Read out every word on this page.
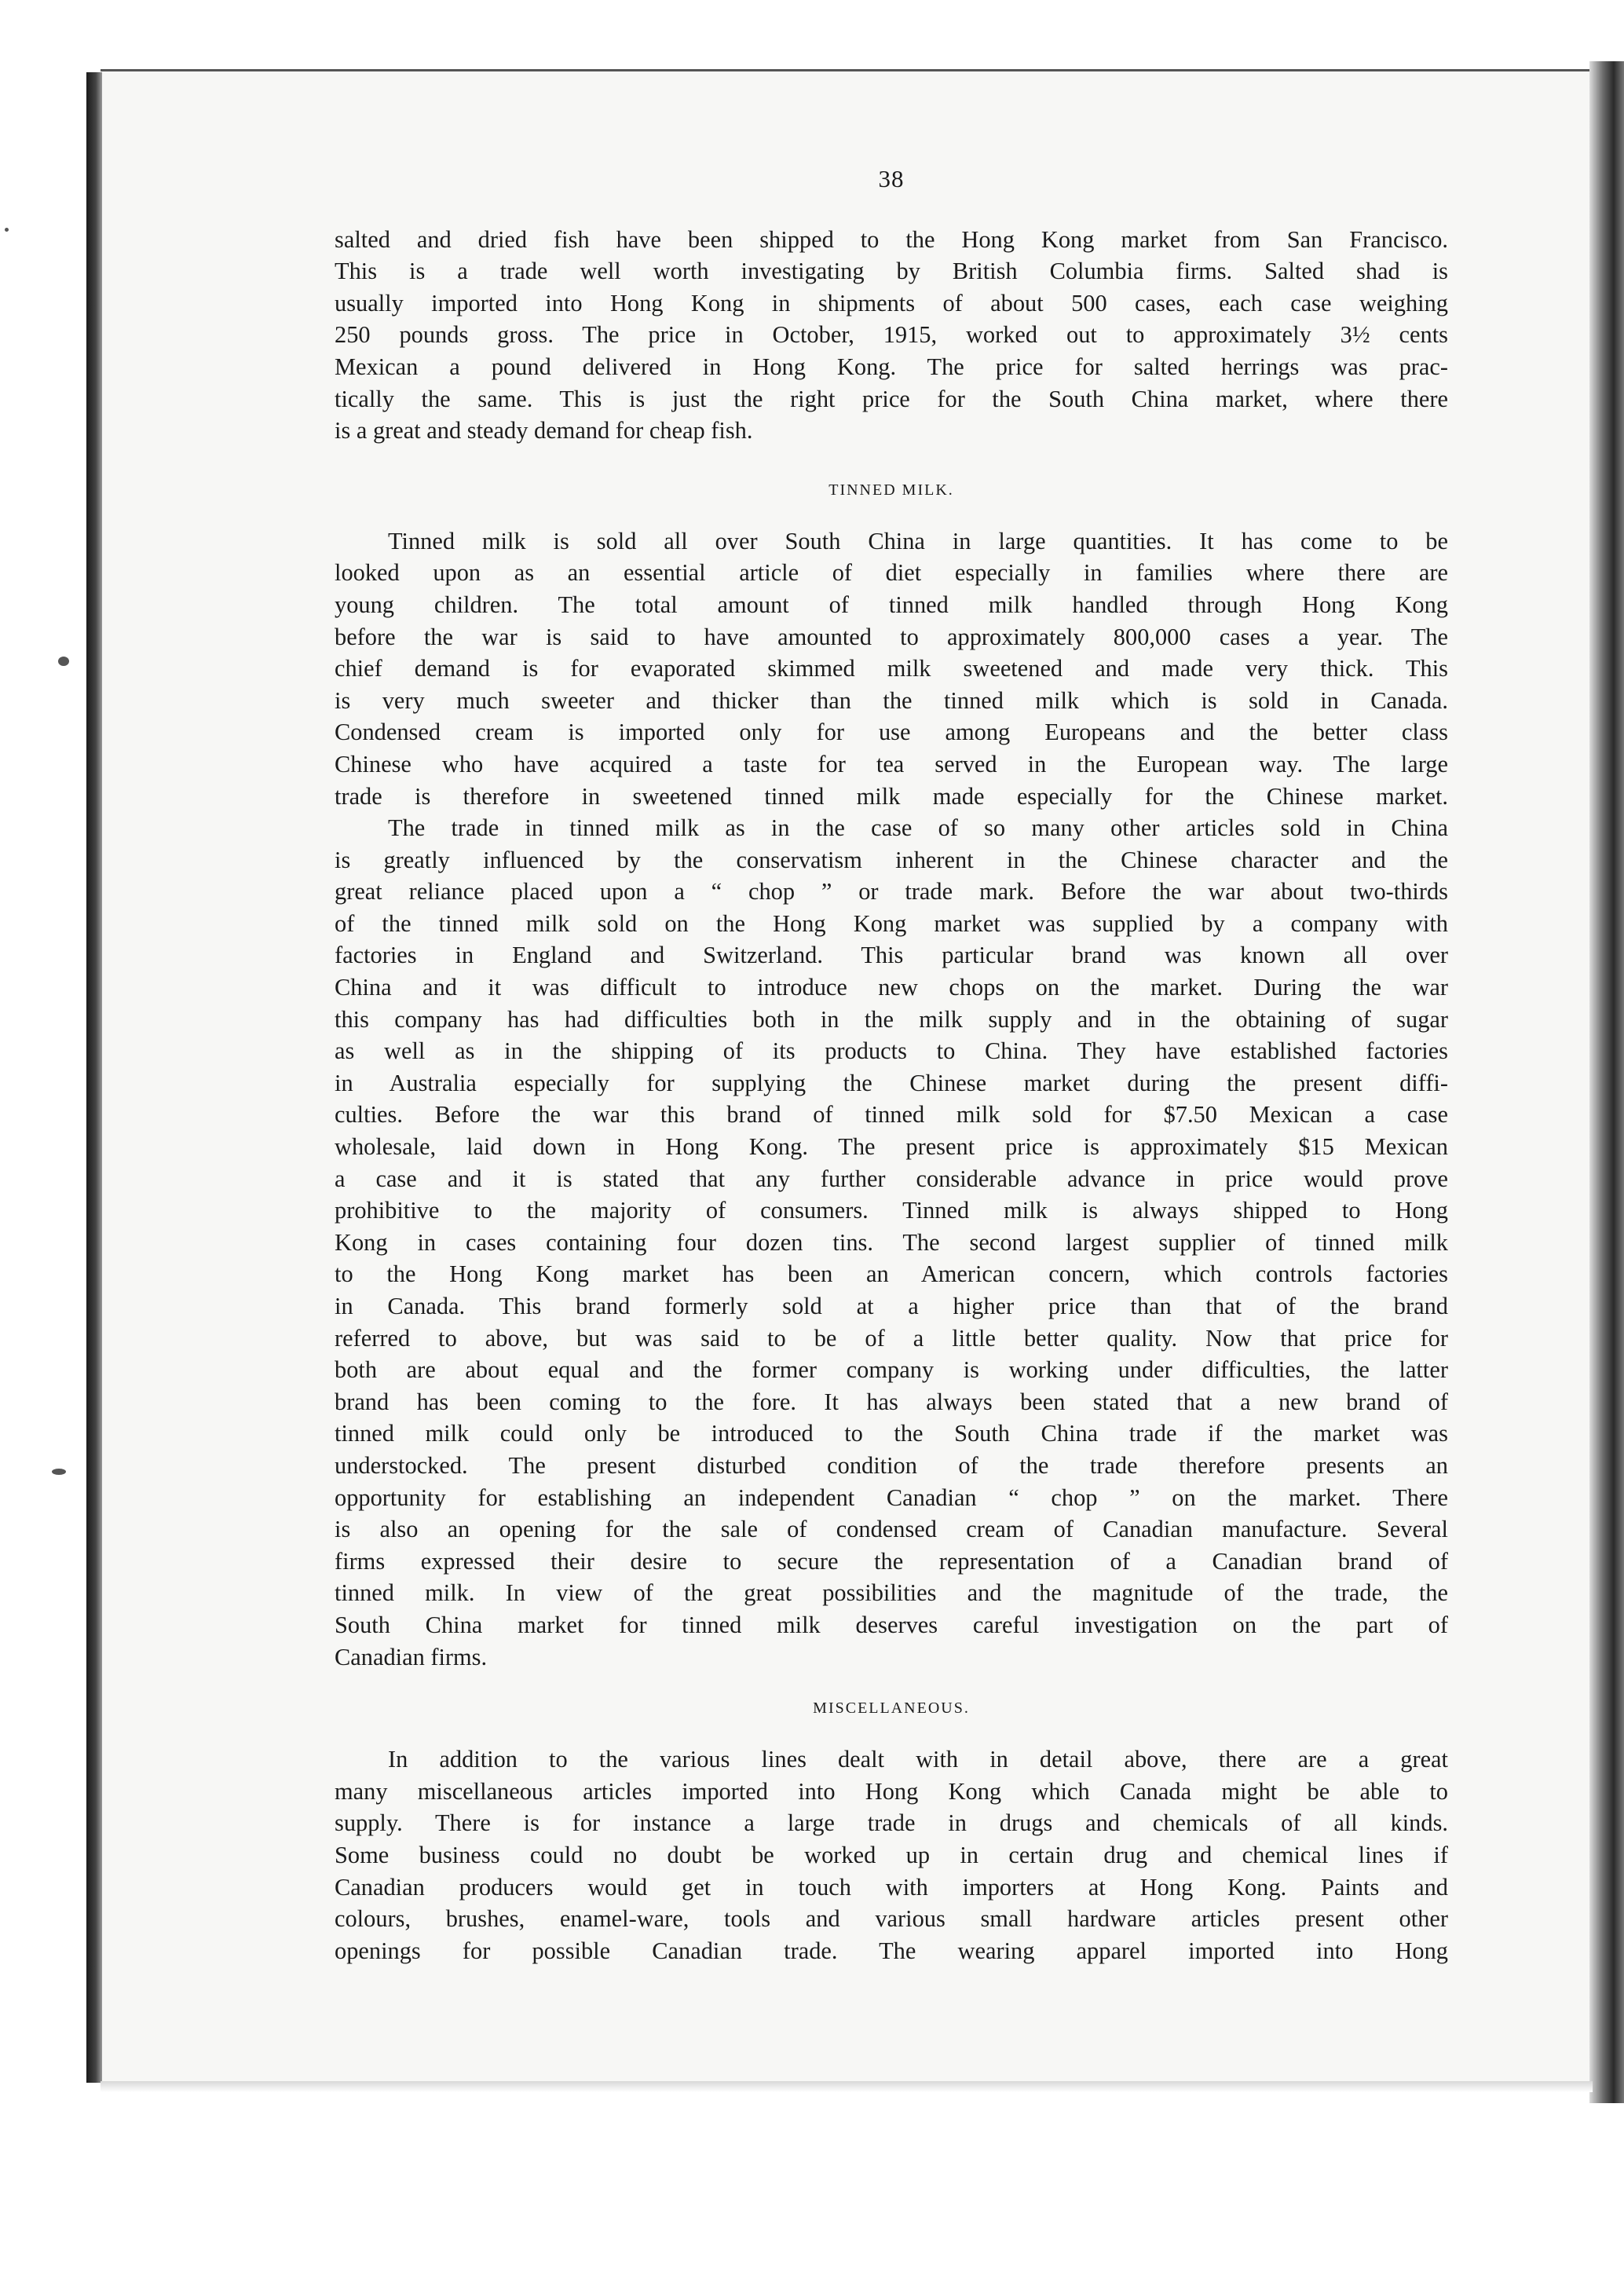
38
salted and dried fish have been shipped to the Hong Kong market from San Francisco.
This is a trade well worth investigating by British Columbia firms. Salted shad is
usually imported into Hong Kong in shipments of about 500 cases, each case weighing
250 pounds gross. The price in October, 1915, worked out to approximately 3½ cents
Mexican a pound delivered in Hong Kong. The price for salted herrings was prac-
tically the same. This is just the right price for the South China market, where there
is a great and steady demand for cheap fish.
TINNED MILK.
Tinned milk is sold all over South China in large quantities. It has come to be
looked upon as an essential article of diet especially in families where there are
young children. The total amount of tinned milk handled through Hong Kong
before the war is said to have amounted to approximately 800,000 cases a year. The
chief demand is for evaporated skimmed milk sweetened and made very thick. This
is very much sweeter and thicker than the tinned milk which is sold in Canada.
Condensed cream is imported only for use among Europeans and the better class
Chinese who have acquired a taste for tea served in the European way. The large
trade is therefore in sweetened tinned milk made especially for the Chinese market.
The trade in tinned milk as in the case of so many other articles sold in China
is greatly influenced by the conservatism inherent in the Chinese character and the
great reliance placed upon a “ chop ” or trade mark. Before the war about two-thirds
of the tinned milk sold on the Hong Kong market was supplied by a company with
factories in England and Switzerland. This particular brand was known all over
China and it was difficult to introduce new chops on the market. During the war
this company has had difficulties both in the milk supply and in the obtaining of sugar
as well as in the shipping of its products to China. They have established factories
in Australia especially for supplying the Chinese market during the present diffi-
culties. Before the war this brand of tinned milk sold for $7.50 Mexican a case
wholesale, laid down in Hong Kong. The present price is approximately $15 Mexican
a case and it is stated that any further considerable advance in price would prove
prohibitive to the majority of consumers. Tinned milk is always shipped to Hong
Kong in cases containing four dozen tins. The second largest supplier of tinned milk
to the Hong Kong market has been an American concern, which controls factories
in Canada. This brand formerly sold at a higher price than that of the brand
referred to above, but was said to be of a little better quality. Now that price for
both are about equal and the former company is working under difficulties, the latter
brand has been coming to the fore. It has always been stated that a new brand of
tinned milk could only be introduced to the South China trade if the market was
understocked. The present disturbed condition of the trade therefore presents an
opportunity for establishing an independent Canadian “ chop ” on the market. There
is also an opening for the sale of condensed cream of Canadian manufacture. Several
firms expressed their desire to secure the representation of a Canadian brand of
tinned milk. In view of the great possibilities and the magnitude of the trade, the
South China market for tinned milk deserves careful investigation on the part of
Canadian firms.
MISCELLANEOUS.
In addition to the various lines dealt with in detail above, there are a great
many miscellaneous articles imported into Hong Kong which Canada might be able to
supply. There is for instance a large trade in drugs and chemicals of all kinds.
Some business could no doubt be worked up in certain drug and chemical lines if
Canadian producers would get in touch with importers at Hong Kong. Paints and
colours, brushes, enamel-ware, tools and various small hardware articles present other
openings for possible Canadian trade. The wearing apparel imported into Hong
